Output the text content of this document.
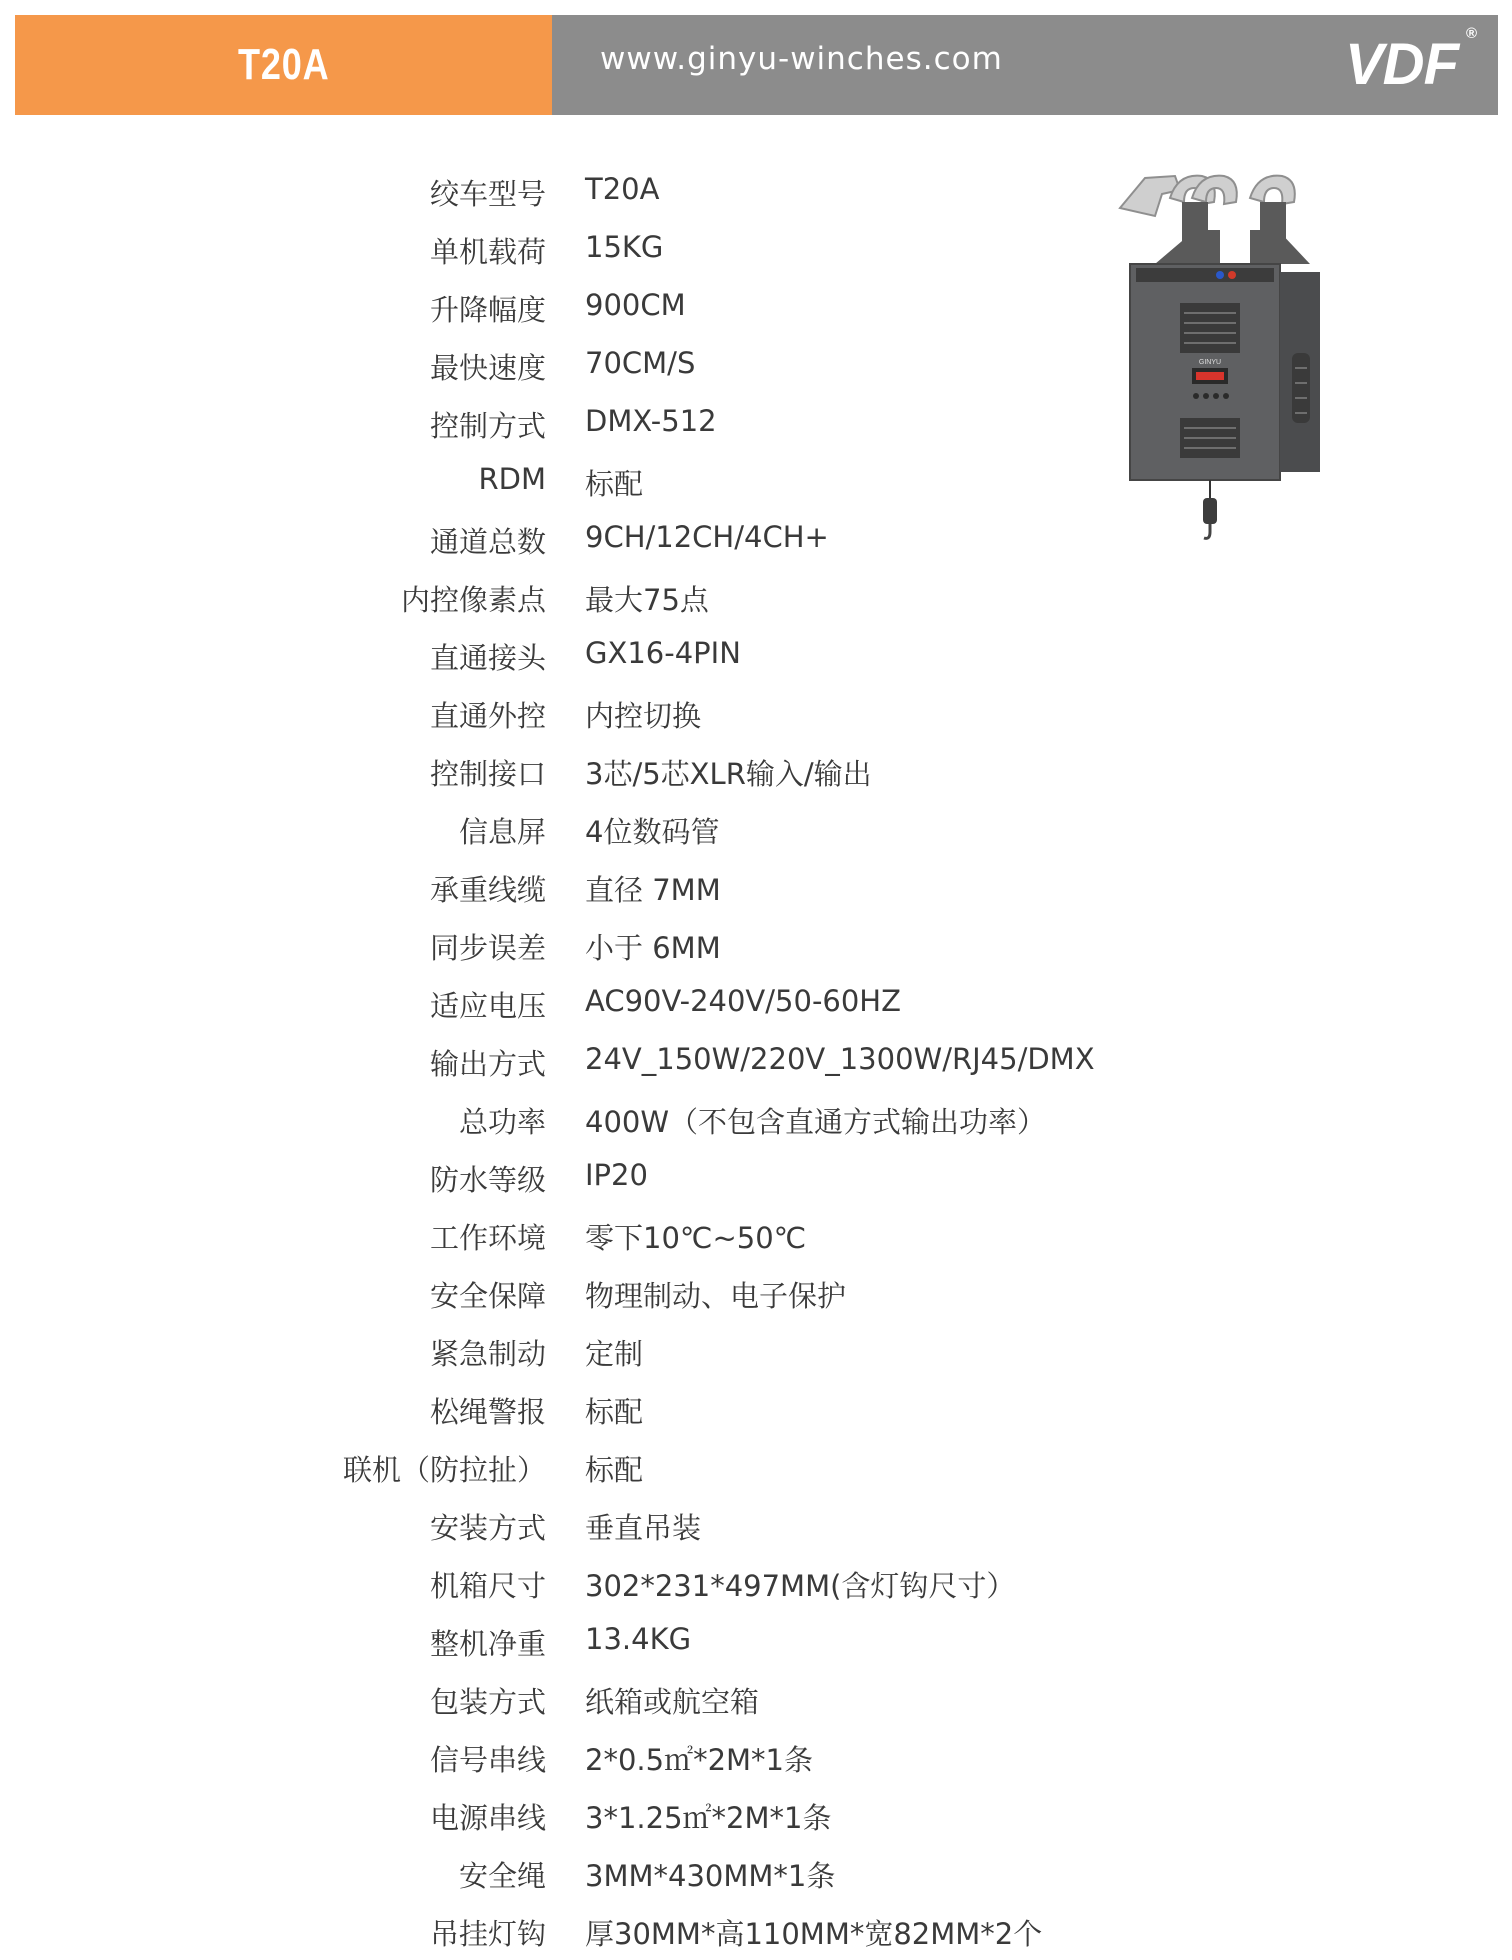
T20A	www.ginyu-winches.com	VDF ®
绞车型号 T20A
单机载荷 15KG
升降幅度 900CM
最快速度 70CM/S
控制方式 DMX-512
RDM 标配
通道总数 9CH/12CH/4CH+
内控像素点 最大75点
直通接头 GX16-4PIN
直通外控 内控切换
控制接口 3芯/5芯XLR输入/输出
信息屏 4位数码管
承重线缆 直径 7MM
同步误差 小于 6MM
适应电压 AC90V-240V/50-60HZ
输出方式 24V_150W/220V_1300W/RJ45/DMX
总功率 400W（不包含直通方式输出功率）
防水等级 IP20
工作环境 零下10℃~50℃
安全保障 物理制动、电子保护
紧急制动 定制
松绳警报 标配
联机（防拉扯） 标配
安装方式 垂直吊装
机箱尺寸 302*231*497MM(含灯钩尺寸）
整机净重 13.4KG
包装方式 纸箱或航空箱
信号串线 2*0.5㎡*2M*1条
电源串线 3*1.25㎡*2M*1条
安全绳 3MM*430MM*1条
吊挂灯钩 厚30MM*高110MM*宽82MM*2个
GINYU
